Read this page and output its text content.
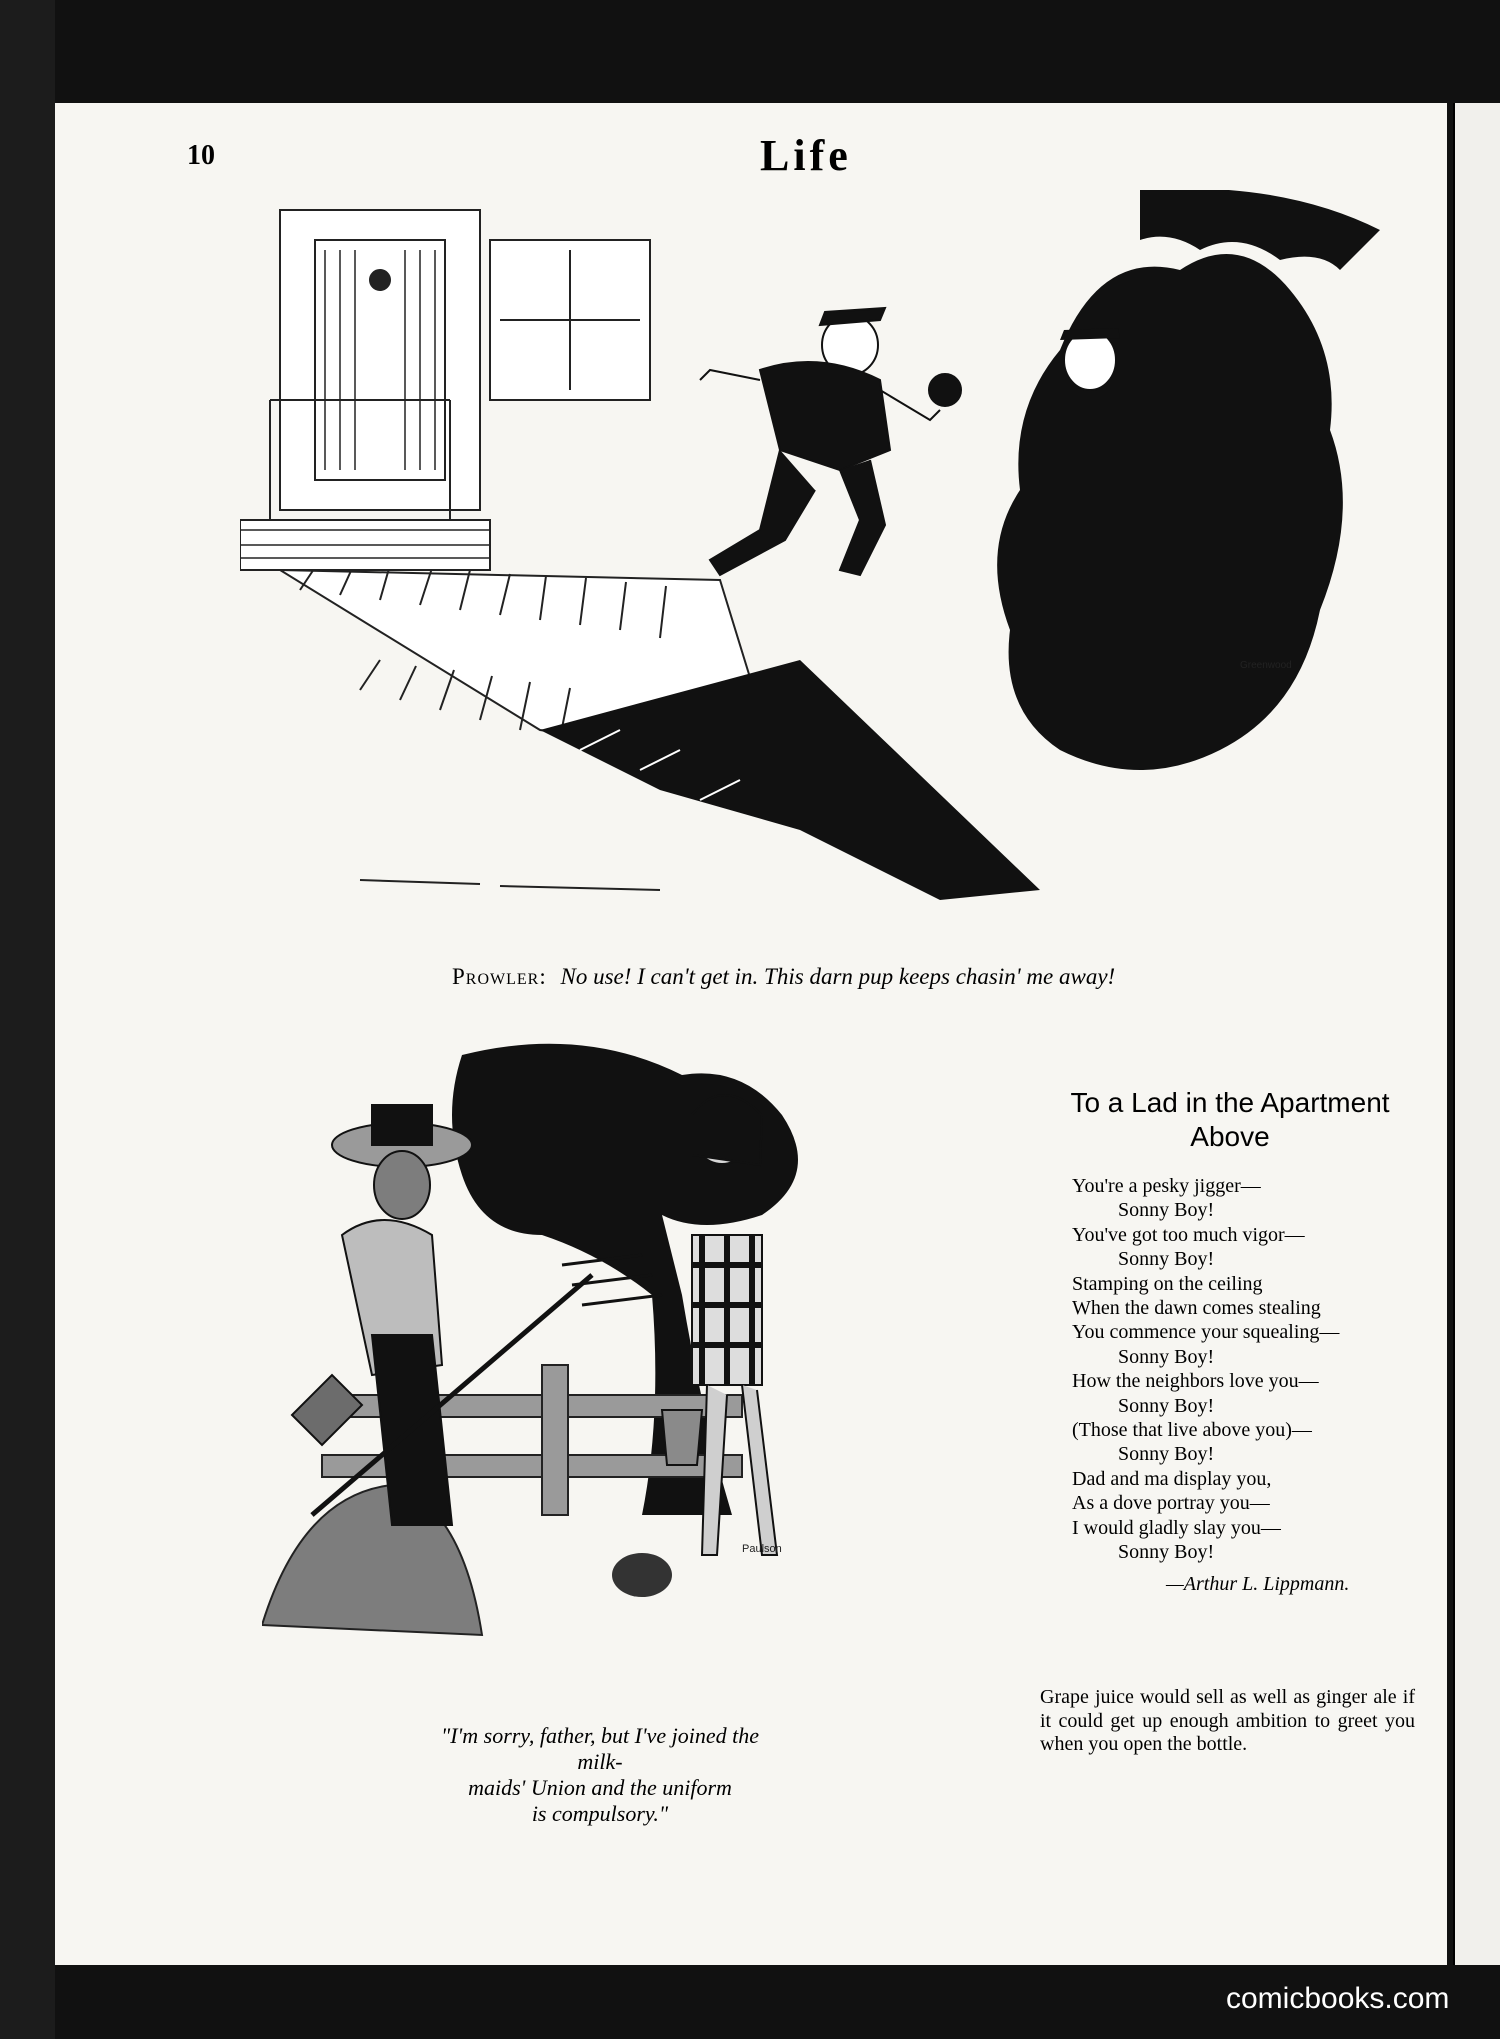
10	Life
Greenwood
Prowler: No use! I can't get in. This darn pup keeps chasin' me away!
Paulson
"I'm sorry, father, but I've joined the milk-
maids' Union and the uniform
is compulsory."
To a Lad in the Apartment
Above
You're a pesky jigger—
Sonny Boy!
You've got too much vigor—
Sonny Boy!
Stamping on the ceiling
When the dawn comes stealing
You commence your squealing—
Sonny Boy!
How the neighbors love you—
Sonny Boy!
(Those that live above you)—
Sonny Boy!
Dad and ma display you,
As a dove portray you—
I would gladly slay you—
Sonny Boy!
—Arthur L. Lippmann.
Grape juice would sell as well as ginger ale if it could get up enough ambition to greet you when you open the bottle.
comicbooks.com
